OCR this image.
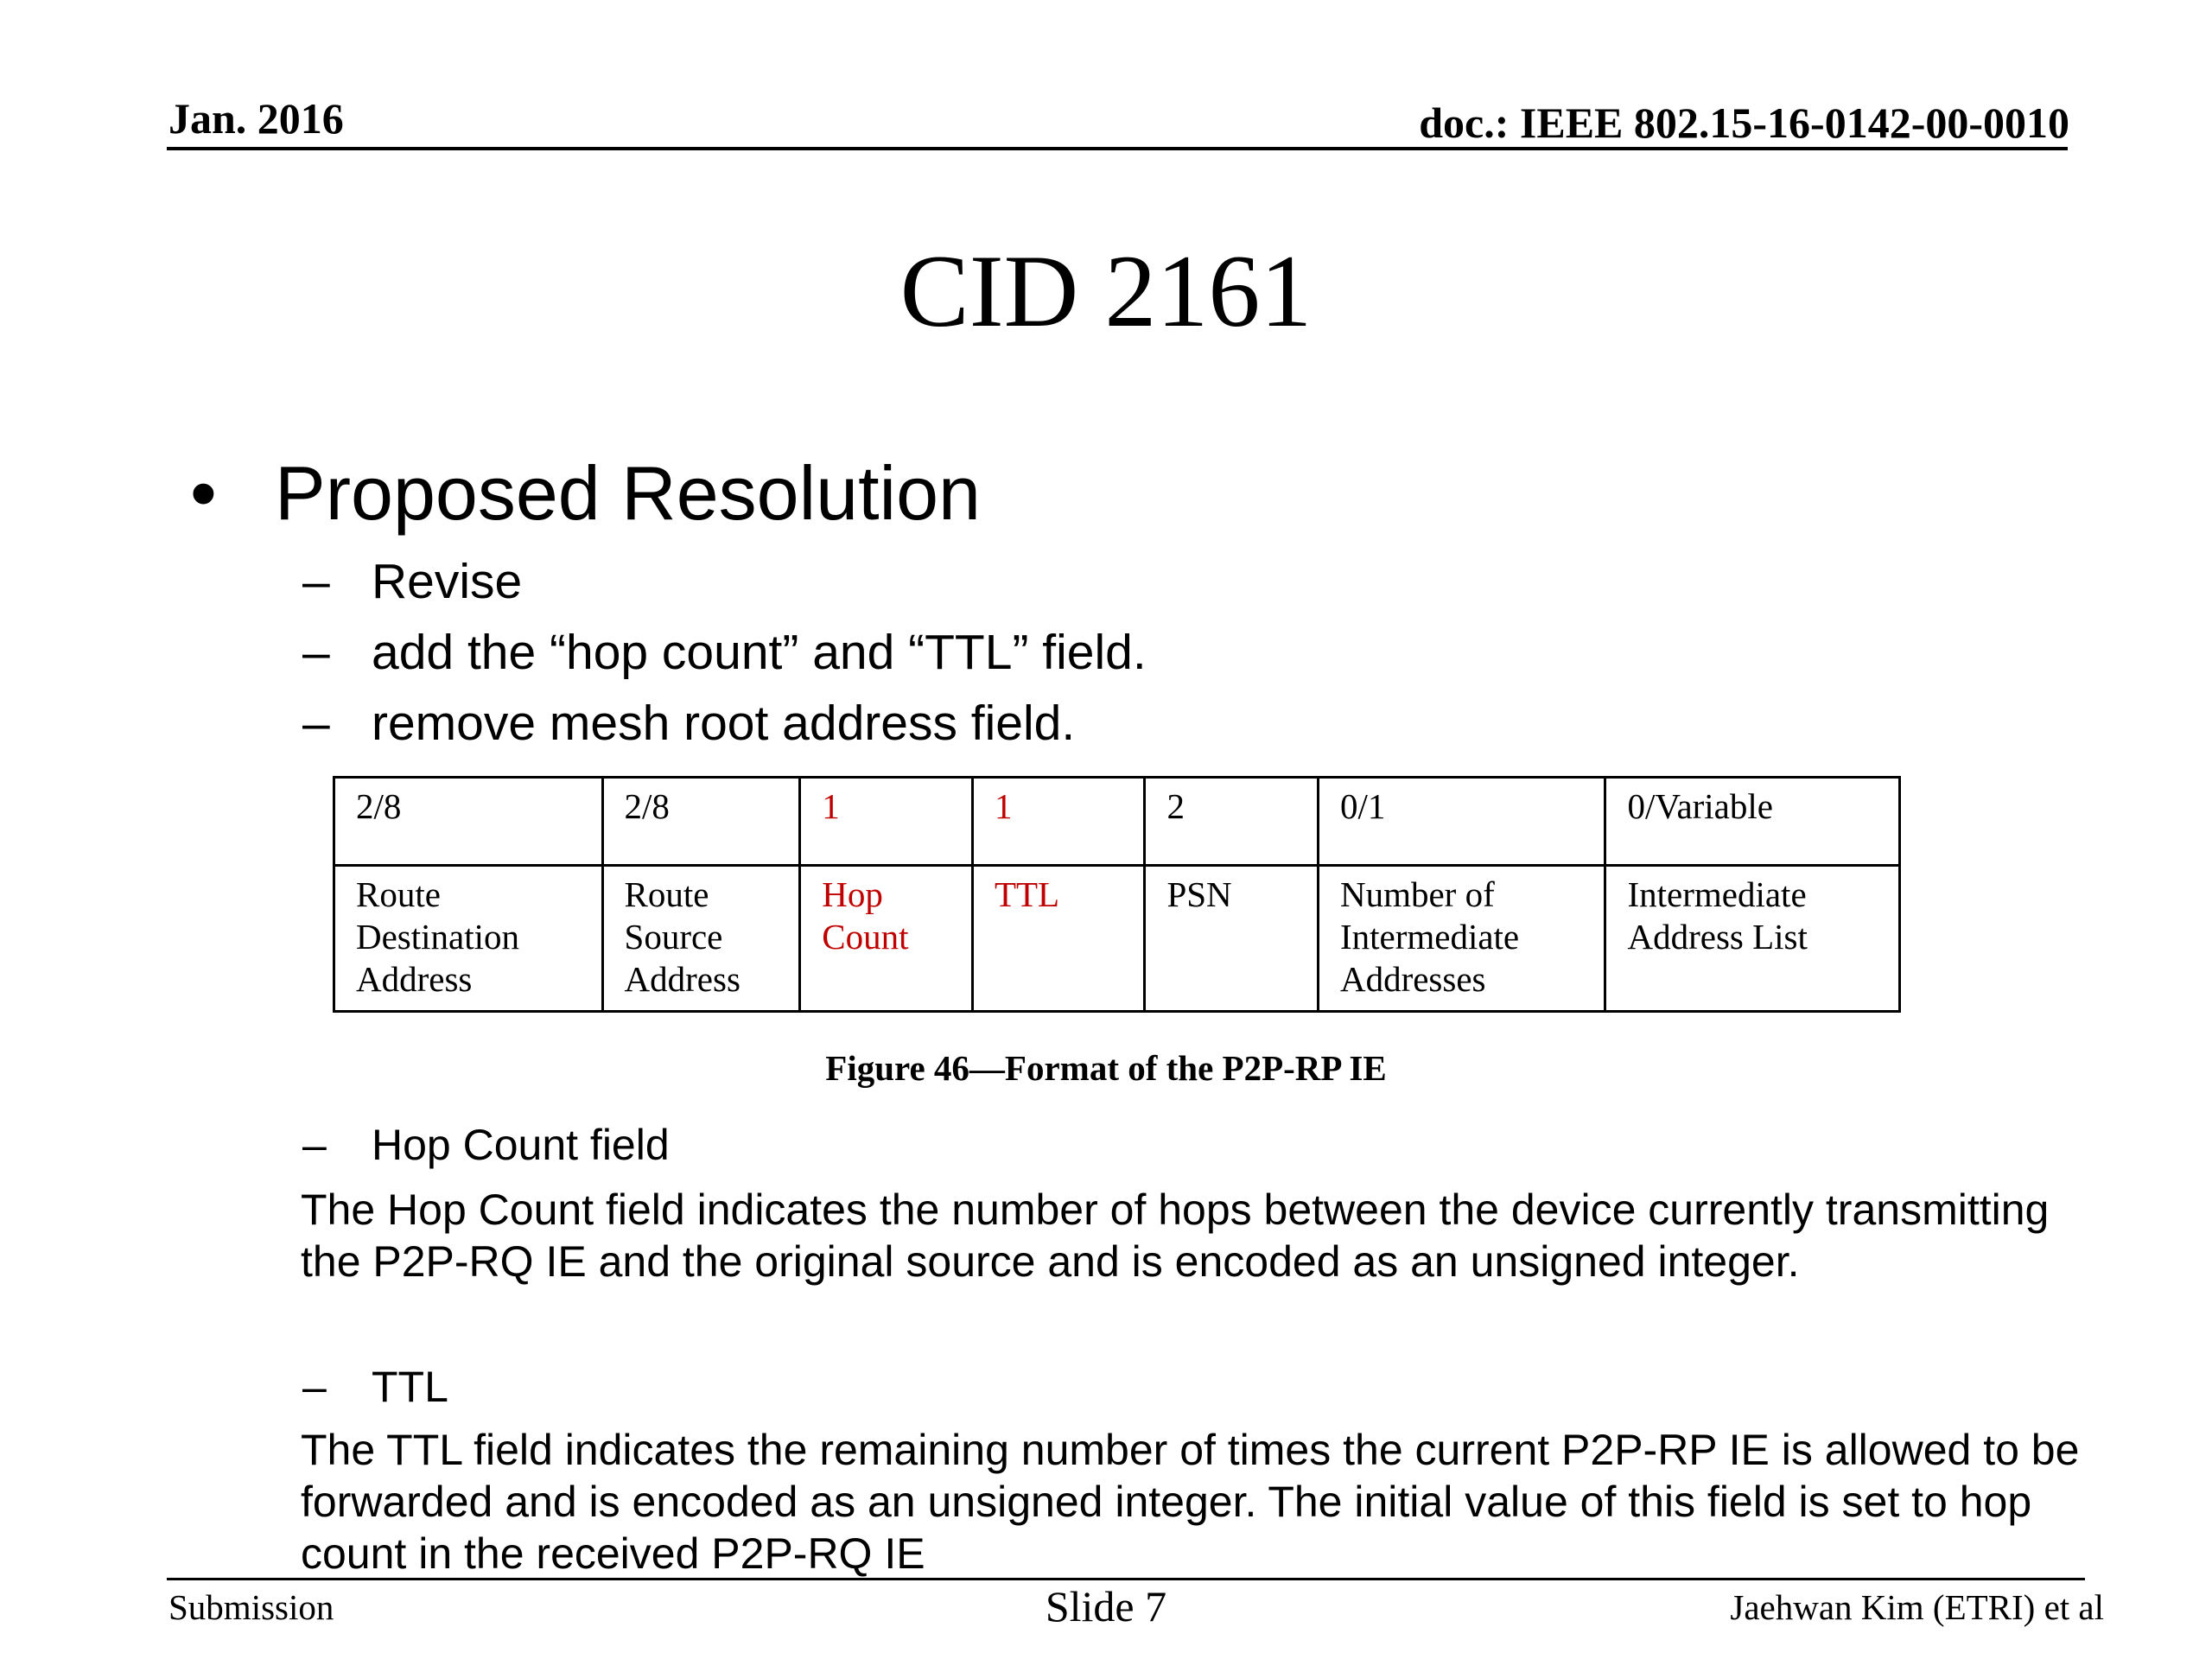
Jan. 2016	doc.: IEEE 802.15-16-0142-00-0010
CID 2161
• Proposed Resolution
– Revise
– add the “hop count” and “TTL” field.
– remove mesh root address field.
2/8	2/8	1	1	2	0/1	0/Variable
Route Destination Address	Route Source Address	Hop Count	TTL	PSN	Number of Intermediate Addresses	Intermediate Address List
Figure 46—Format of the P2P-RP IE
– Hop Count field
The Hop Count field indicates the number of hops between the device currently transmitting the P2P-RQ IE and the original source and is encoded as an unsigned integer.
– TTL
The TTL field indicates the remaining number of times the current P2P-RP IE is allowed to be forwarded and is encoded as an unsigned integer. The initial value of this field is set to hop count in the received P2P-RQ IE
Submission	Slide 7	Jaehwan Kim (ETRI) et al
